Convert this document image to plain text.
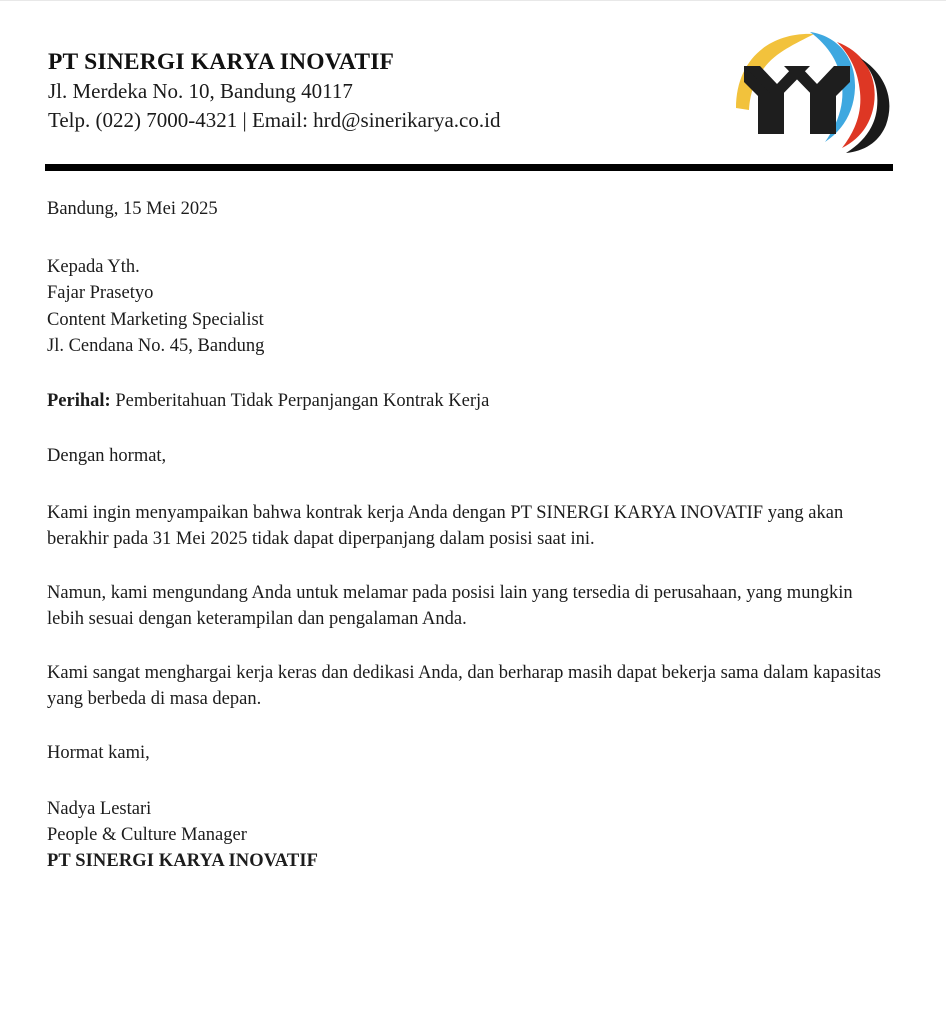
PT SINERGI KARYA INOVATIF

Jl. Merdeka No. 10, Bandung 40117

Telp. (022) 7000-4321 | Email: hrd@sinerikarya.co.id

Bandung, 15 Mei 2025
Kepada Yth.
Fajar Prasetyo
Content Marketing Specialist
Jl. Cendana No. 45, Bandung
Perihal: Pemberitahuan Tidak Perpanjangan Kontrak Kerja
Dengan hormat,
Kami ingin menyampaikan bahwa kontrak kerja Anda dengan PT SINERGI KARYA INOVATIF yang akan berakhir pada 31 Mei 2025 tidak dapat diperpanjang dalam posisi saat ini.
Namun, kami mengundang Anda untuk melamar pada posisi lain yang tersedia di perusahaan, yang mungkin lebih sesuai dengan keterampilan dan pengalaman Anda.
Kami sangat menghargai kerja keras dan dedikasi Anda, dan berharap masih dapat bekerja sama dalam kapasitas yang berbeda di masa depan.
Hormat kami,
Nadya Lestari
People & Culture Manager
PT SINERGI KARYA INOVATIF
